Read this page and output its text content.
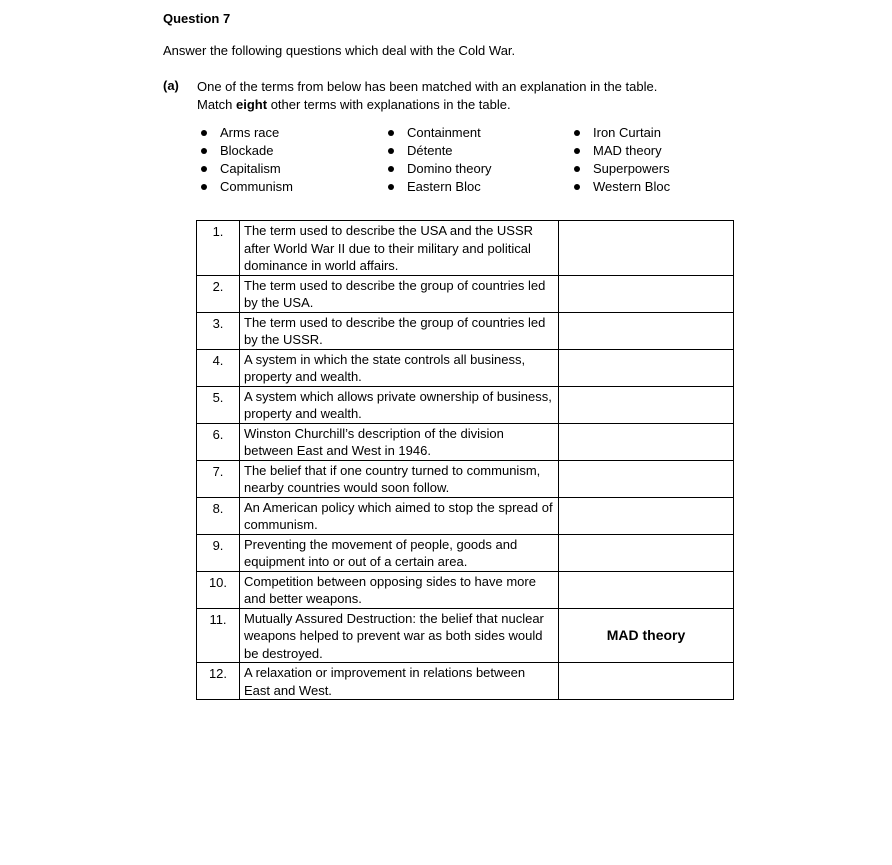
Question 7
Answer the following questions which deal with the Cold War.
(a) One of the terms from below has been matched with an explanation in the table.
Match eight other terms with explanations in the table.
Arms race
Blockade
Capitalism
Communism
Containment
Détente
Domino theory
Eastern Bloc
Iron Curtain
MAD theory
Superpowers
Western Bloc
1.	The term used to describe the USA and the USSR after World War II due to their military and political dominance in world affairs.	
2.	The term used to describe the group of countries led by the USA.	
3.	The term used to describe the group of countries led by the USSR.	
4.	A system in which the state controls all business, property and wealth.	
5.	A system which allows private ownership of business, property and wealth.	
6.	Winston Churchill’s description of the division between East and West in 1946.	
7.	The belief that if one country turned to communism, nearby countries would soon follow.	
8.	An American policy which aimed to stop the spread of communism.	
9.	Preventing the movement of people, goods and equipment into or out of a certain area.	
10.	Competition between opposing sides to have more and better weapons.	
11.	Mutually Assured Destruction: the belief that nuclear weapons helped to prevent war as both sides would be destroyed.	MAD theory
12.	A relaxation or improvement in relations between East and West.	
